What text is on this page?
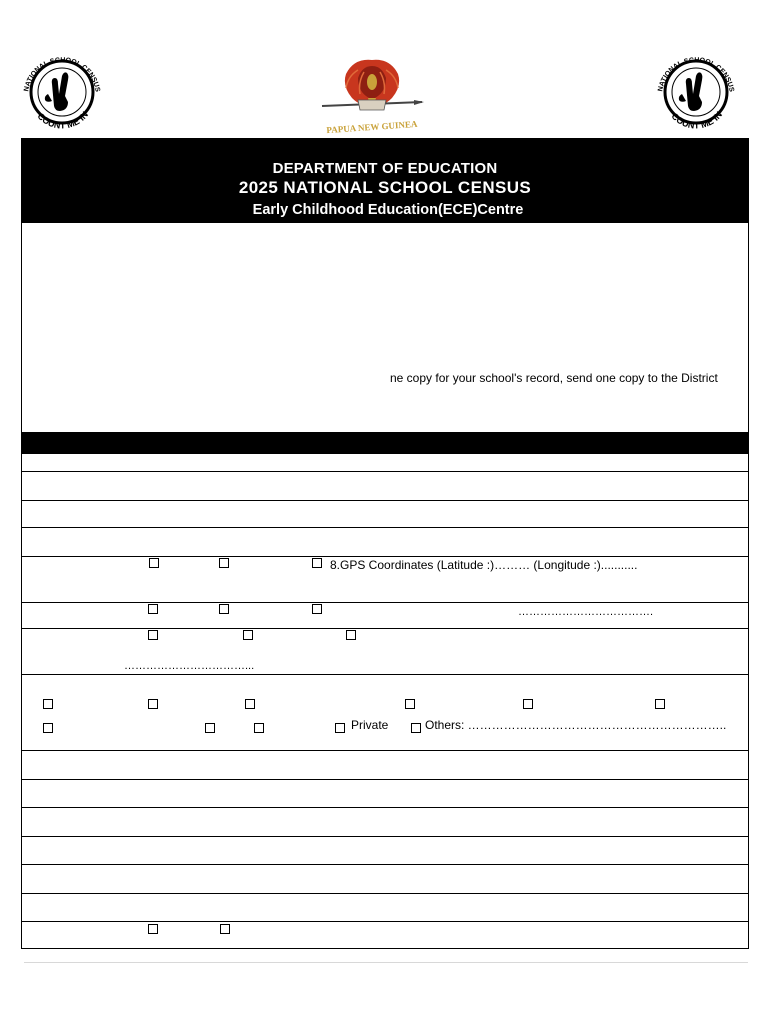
NATIONAL SCHOOL CENSUS
COUNT ME IN
PAPUA NEW GUINEA
NATIONAL SCHOOL CENSUS
COUNT ME IN
DEPARTMENT OF EDUCATION
2025 NATIONAL SCHOOL CENSUS
Early Childhood Education(ECE)Centre
ne copy for your school's record, send one copy to the District
8.GPS Coordinates (Latitude :)……… (Longitude :)...........
……………………………….
……………………………...
Private	Others: ………………………………………………………..
